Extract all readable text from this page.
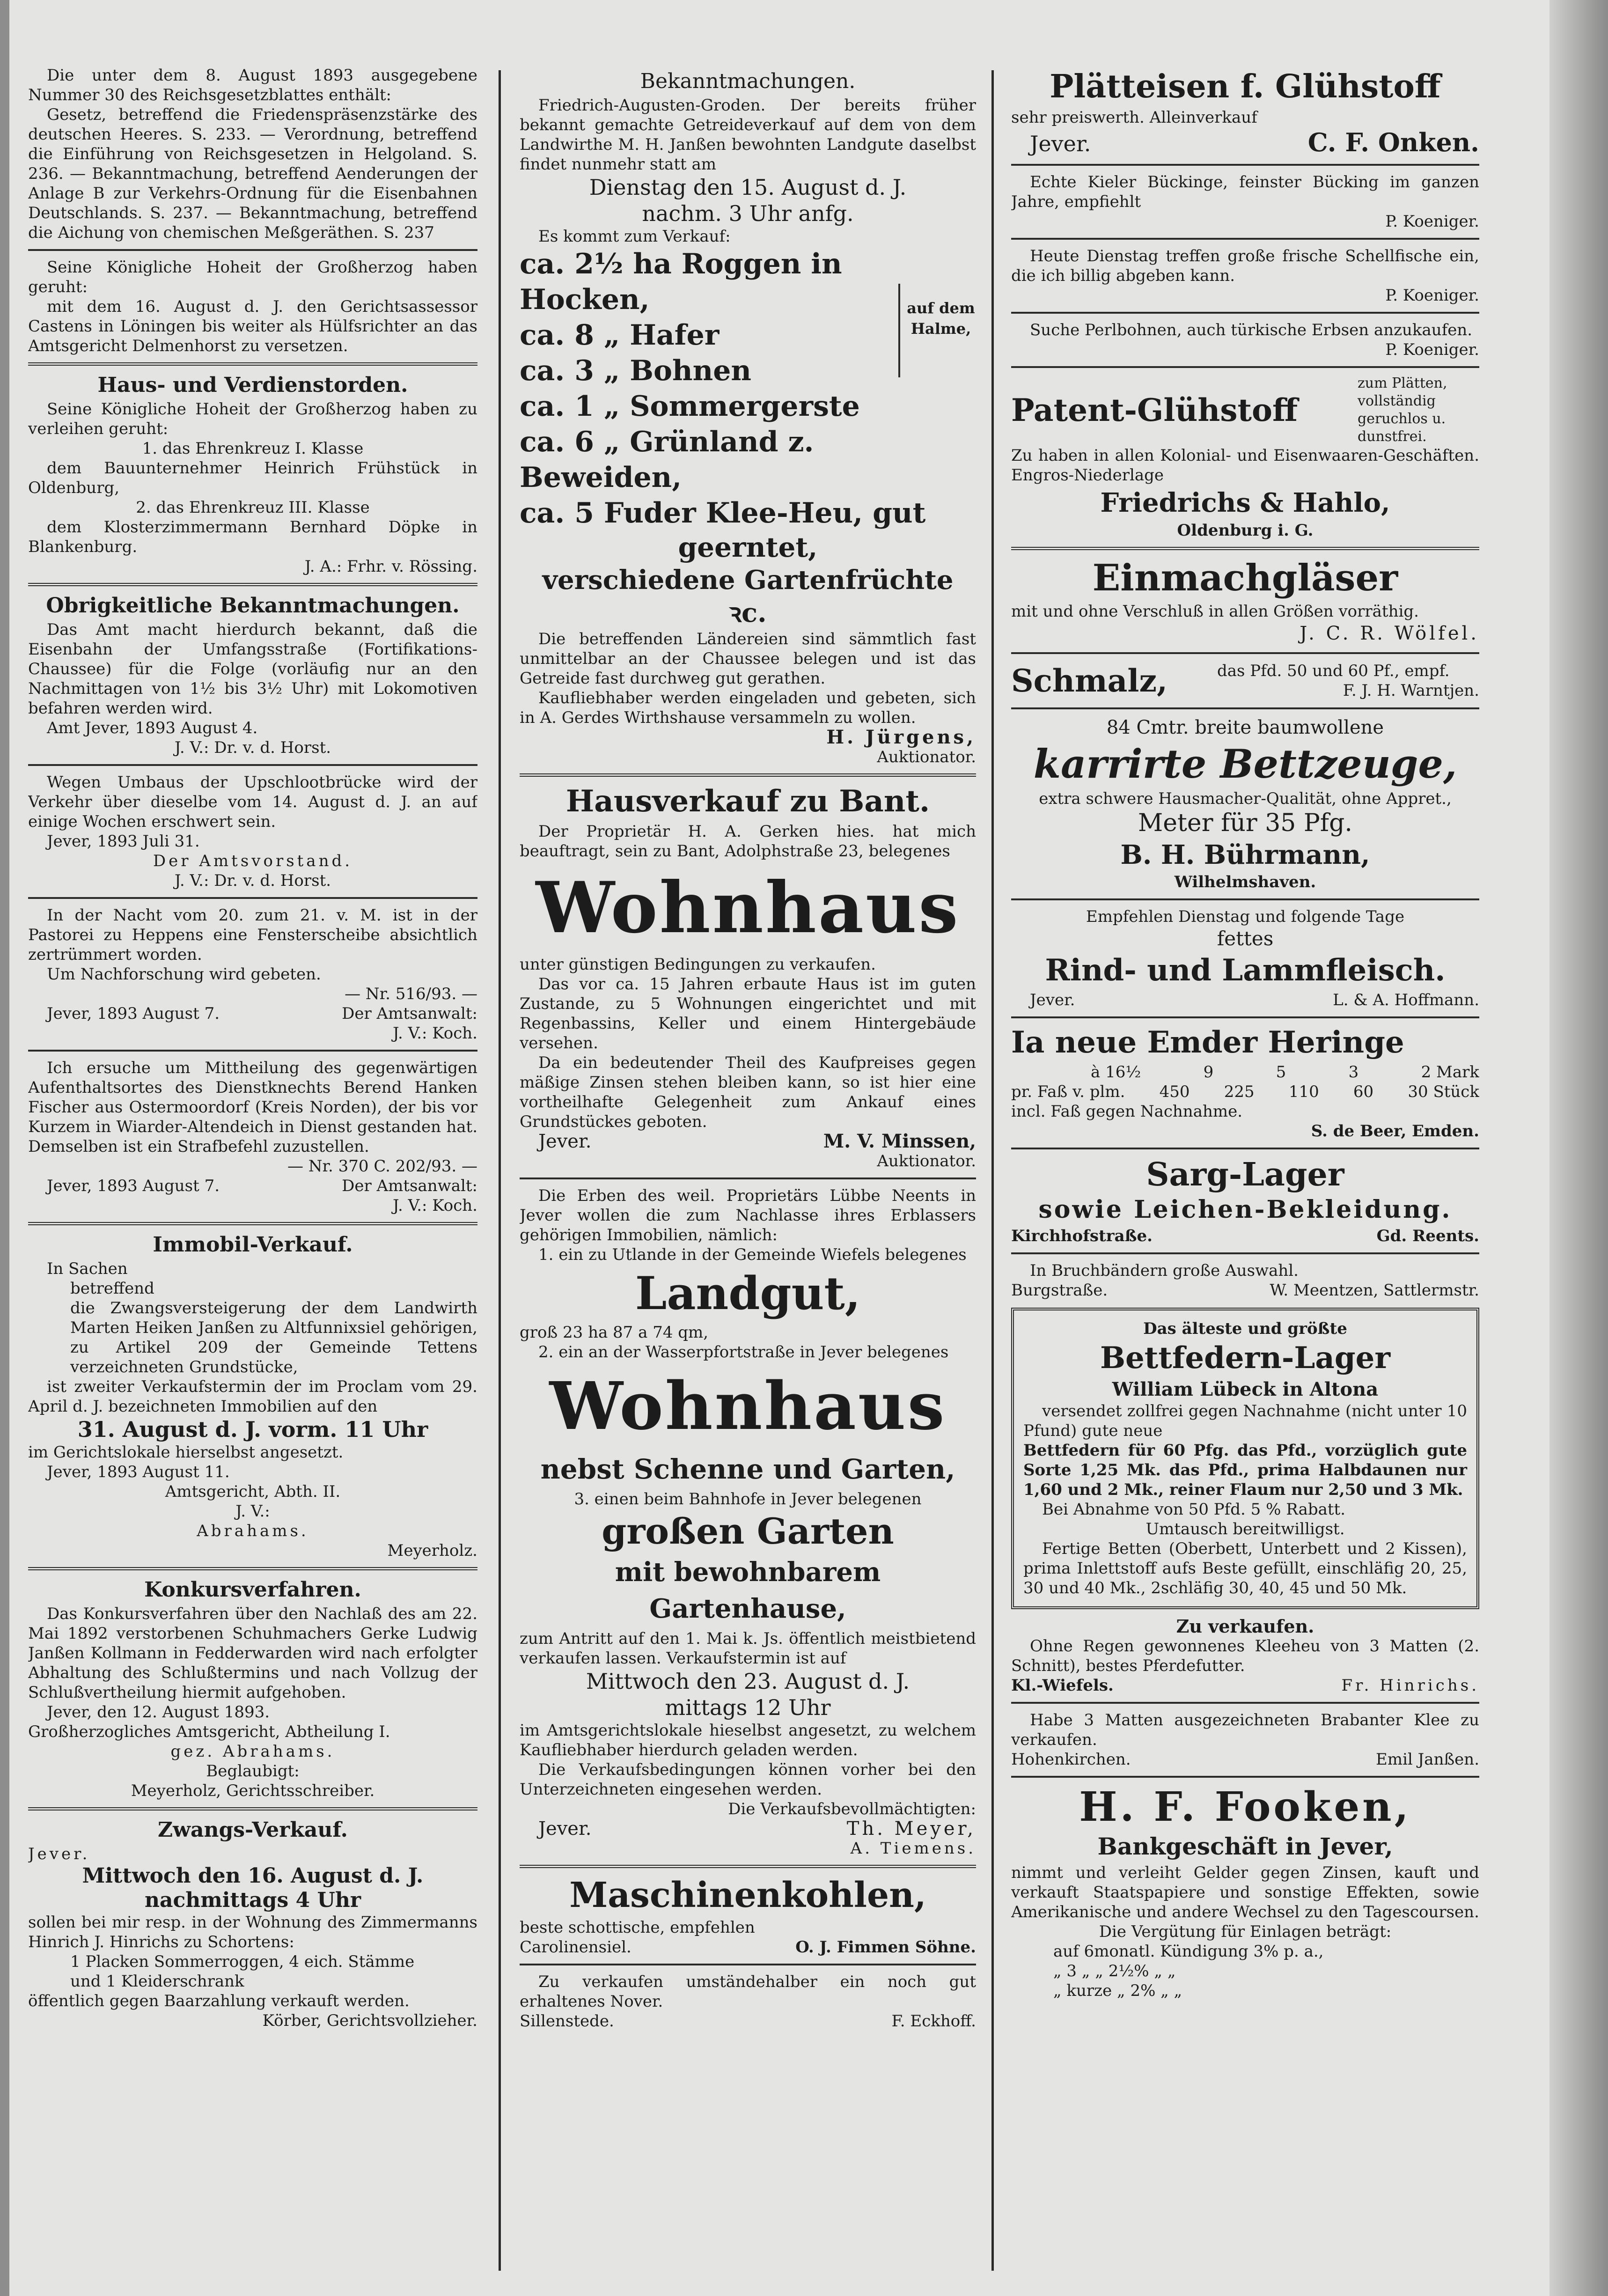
Die unter dem 8. August 1893 ausgegebene Nummer 30 des Reichsgesetzblattes enthält:

Gesetz, betreffend die Friedenspräsenzstärke des deutschen Heeres. S. 233. — Verordnung, betreffend die Einführung von Reichsgesetzen in Helgoland. S. 236. — Bekanntmachung, betreffend Aenderungen der Anlage B zur Verkehrs-Ordnung für die Eisenbahnen Deutschlands. S. 237. — Bekanntmachung, betreffend die Aichung von chemischen Meßgeräthen. S. 237

Seine Königliche Hoheit der Großherzog haben geruht:

mit dem 16. August d. J. den Gerichtsassessor Castens in Löningen bis weiter als Hülfsrichter an das Amtsgericht Delmenhorst zu versetzen.

Haus- und Verdienstorden.

Seine Königliche Hoheit der Großherzog haben zu verleihen geruht:

1. das Ehrenkreuz I. Klasse

dem Bauunternehmer Heinrich Frühstück in Oldenburg,

2. das Ehrenkreuz III. Klasse

dem Klosterzimmermann Bernhard Döpke in Blankenburg.

J. A.: Frhr. v. Rössing.

Obrigkeitliche Bekanntmachungen.

Das Amt macht hierdurch bekannt, daß die Eisenbahn der Umfangsstraße (Fortifikations-Chaussee) für die Folge (vorläufig nur an den Nachmittagen von 1½ bis 3½ Uhr) mit Lokomotiven befahren werden wird.

Amt Jever, 1893 August 4.

J. V.: Dr. v. d. Horst.

Wegen Umbaus der Upschlootbrücke wird der Verkehr über dieselbe vom 14. August d. J. an auf einige Wochen erschwert sein.

Jever, 1893 Juli 31.

Der Amtsvorstand.

J. V.: Dr. v. d. Horst.

In der Nacht vom 20. zum 21. v. M. ist in der Pastorei zu Heppens eine Fensterscheibe absichtlich zertrümmert worden.

Um Nachforschung wird gebeten.

— Nr. 516/93. —

Jever, 1893 August 7.	Der Amtsanwalt:

J. V.: Koch.

Ich ersuche um Mittheilung des gegenwärtigen Aufenthaltsortes des Dienstknechts Berend Hanken Fischer aus Ostermoordorf (Kreis Norden), der bis vor Kurzem in Wiarder-Altendeich in Dienst gestanden hat. Demselben ist ein Strafbefehl zuzustellen.

— Nr. 370 C. 202/93. —

Jever, 1893 August 7.	Der Amtsanwalt:

J. V.: Koch.

Immobil-Verkauf.

In Sachen

betreffend

die Zwangsversteigerung der dem Landwirth Marten Heiken Janßen zu Altfunnixsiel gehörigen, zu Artikel 209 der Gemeinde Tettens verzeichneten Grundstücke,

ist zweiter Verkaufstermin der im Proclam vom 29. April d. J. bezeichneten Immobilien auf den

31. August d. J. vorm. 11 Uhr

im Gerichtslokale hierselbst angesetzt.

Jever, 1893 August 11.

Amtsgericht, Abth. II.

J. V.:

Abrahams.

Meyerholz.

Konkursverfahren.

Das Konkursverfahren über den Nachlaß des am 22. Mai 1892 verstorbenen Schuhmachers Gerke Ludwig Janßen Kollmann in Fedderwarden wird nach erfolgter Abhaltung des Schlußtermins und nach Vollzug der Schlußvertheilung hiermit aufgehoben.

Jever, den 12. August 1893.

Großherzogliches Amtsgericht, Abtheilung I.

gez. Abrahams.

Beglaubigt:

Meyerholz, Gerichtsschreiber.

Zwangs-Verkauf.

Jever.

Mittwoch den 16. August d. J.

nachmittags 4 Uhr

sollen bei mir resp. in der Wohnung des Zimmermanns Hinrich J. Hinrichs zu Schortens:

1 Placken Sommerroggen, 4 eich. Stämme

und 1 Kleiderschrank

öffentlich gegen Baarzahlung verkauft werden.

Körber, Gerichtsvollzieher.

Bekanntmachungen.

Friedrich-Augusten-Groden. Der bereits früher bekannt gemachte Getreideverkauf auf dem von dem Landwirthe M. H. Janßen bewohnten Landgute daselbst findet nunmehr statt am

Dienstag den 15. August d. J.

nachm. 3 Uhr anfg.

Es kommt zum Verkauf:

ca. 2½ ha Roggen in Hocken,

ca. 8 „ Hafer

ca. 3 „ Bohnen

ca. 1 „ Sommergerste

auf dem Halme,

ca. 6 „ Grünland z. Beweiden,

ca. 5 Fuder Klee-Heu, gut

geerntet,

verschiedene Gartenfrüchte ꝛc.

Die betreffenden Ländereien sind sämmtlich fast unmittelbar an der Chaussee belegen und ist das Getreide fast durchweg gut gerathen.

Kaufliebhaber werden eingeladen und gebeten, sich in A. Gerdes Wirthshause versammeln zu wollen.

H. Jürgens,

Auktionator.

Hausverkauf zu Bant.

Der Proprietär H. A. Gerken hies. hat mich beauftragt, sein zu Bant, Adolphstraße 23, belegenes

Wohnhaus

unter günstigen Bedingungen zu verkaufen.

Das vor ca. 15 Jahren erbaute Haus ist im guten Zustande, zu 5 Wohnungen eingerichtet und mit Regenbassins, Keller und einem Hintergebäude versehen.

Da ein bedeutender Theil des Kaufpreises gegen mäßige Zinsen stehen bleiben kann, so ist hier eine vortheilhafte Gelegenheit zum Ankauf eines Grundstückes geboten.

Jever.	M. V. Minssen,

Auktionator.

Die Erben des weil. Proprietärs Lübbe Neents in Jever wollen die zum Nachlasse ihres Erblassers gehörigen Immobilien, nämlich:

1. ein zu Utlande in der Gemeinde Wiefels belegenes

Landgut,

groß 23 ha 87 a 74 qm,

2. ein an der Wasserpfortstraße in Jever belegenes

Wohnhaus
nebst Schenne und Garten,

3. einen beim Bahnhofe in Jever belegenen

großen Garten
mit bewohnbarem Gartenhause,

zum Antritt auf den 1. Mai k. Js. öffentlich meistbietend verkaufen lassen. Verkaufstermin ist auf

Mittwoch den 23. August d. J.

mittags 12 Uhr

im Amtsgerichtslokale hieselbst angesetzt, zu welchem Kaufliebhaber hierdurch geladen werden.

Die Verkaufsbedingungen können vorher bei den Unterzeichneten eingesehen werden.

Die Verkaufsbevollmächtigten:

Jever.	Th. Meyer,

A. Tiemens.

Maschinenkohlen,

beste schottische, empfehlen

Carolinensiel.	O. J. Fimmen Söhne.

Zu verkaufen umständehalber ein noch gut erhaltenes Nover.

Sillenstede.	F. Eckhoff.

Plätteisen f. Glühstoff

sehr preiswerth. Alleinverkauf

Jever.	C. F. Onken.

Echte Kieler Bückinge, feinster Bücking im ganzen Jahre, empfiehlt

P. Koeniger.

Heute Dienstag treffen große frische Schellfische ein, die ich billig abgeben kann.

P. Koeniger.

Suche Perlbohnen, auch türkische Erbsen anzukaufen.

P. Koeniger.

Patent-Glühstoff

zum Plätten, vollständig geruchlos u. dunstfrei.

Zu haben in allen Kolonial- und Eisenwaaren-Geschäften. Engros-Niederlage

Friedrichs & Hahlo,

Oldenburg i. G.

Einmachgläser

mit und ohne Verschluß in allen Größen vorräthig.

J. C. R. Wölfel.

Schmalz,	das Pfd. 50 und 60 Pf., empf.

F. J. H. Warntjen.

84 Cmtr. breite baumwollene

karrirte Bettzeuge,

extra schwere Hausmacher-Qualität, ohne Appret.,

Meter für 35 Pfg.

B. H. Bührmann,

Wilhelmshaven.

Empfehlen Dienstag und folgende Tage

fettes

Rind- und Lammfleisch.

Jever.	L. & A. Hoffmann.

Ia neue Emder Heringe

à 16½	9	5	3	2 Mark

pr. Faß v. plm. 450 225 110 60 30 Stück

incl. Faß gegen Nachnahme.

S. de Beer, Emden.

Sarg-Lager
sowie Leichen-Bekleidung.

Kirchhofstraße.	Gd. Reents.

In Bruchbändern große Auswahl.

Burgstraße.	W. Meentzen, Sattlermstr.

Das älteste und größte

Bettfedern-Lager

William Lübeck in Altona

versendet zollfrei gegen Nachnahme (nicht unter 10 Pfund) gute neue

Bettfedern für 60 Pfg. das Pfd., vorzüglich gute Sorte 1,25 Mk. das Pfd., prima Halbdaunen nur 1,60 und 2 Mk., reiner Flaum nur 2,50 und 3 Mk.

Bei Abnahme von 50 Pfd. 5 % Rabatt.

Umtausch bereitwilligst.

Fertige Betten (Oberbett, Unterbett und 2 Kissen), prima Inlettstoff aufs Beste gefüllt, einschläfig 20, 25, 30 und 40 Mk., 2schläfig 30, 40, 45 und 50 Mk.

Zu verkaufen.

Ohne Regen gewonnenes Kleeheu von 3 Matten (2. Schnitt), bestes Pferdefutter.

Kl.-Wiefels.	Fr. Hinrichs.

Habe 3 Matten ausgezeichneten Brabanter Klee zu verkaufen.

Hohenkirchen.	Emil Janßen.

H. F. Fooken,
Bankgeschäft in Jever,

nimmt und verleiht Gelder gegen Zinsen, kauft und verkauft Staatspapiere und sonstige Effekten, sowie Amerikanische und andere Wechsel zu den Tagescoursen.

Die Vergütung für Einlagen beträgt:

auf 6monatl. Kündigung 3% p. a.,

„ 3 „ „ 2½% „ „

„ kurze „ 2% „ „
